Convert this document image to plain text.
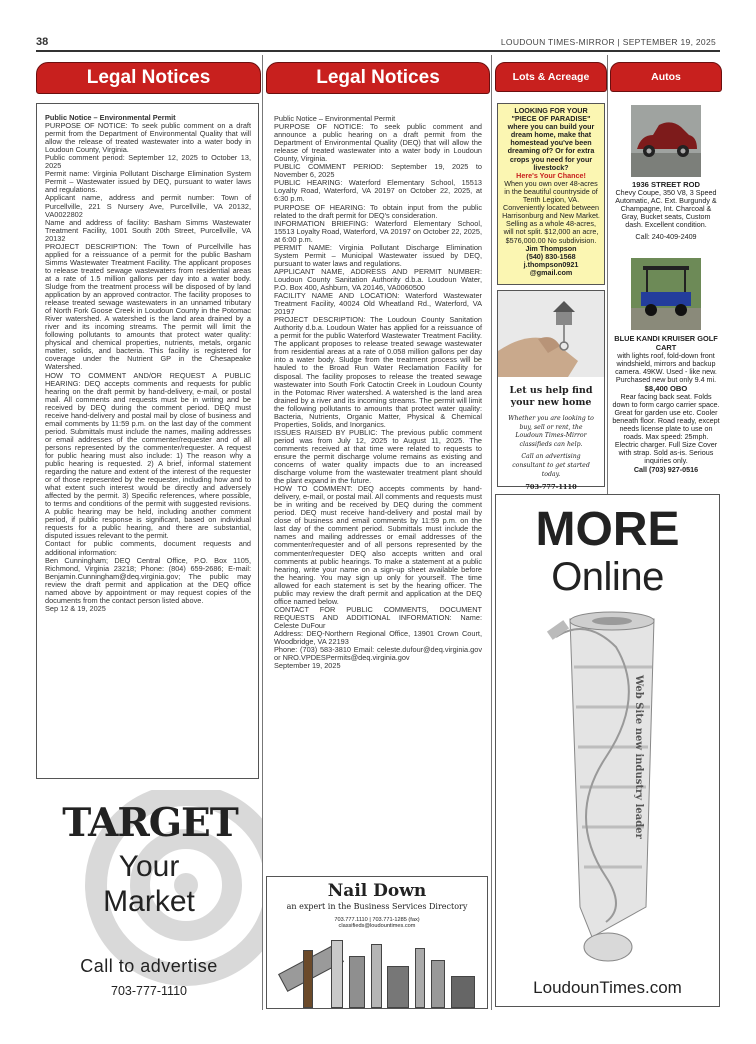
38	LOUDOUN TIMES-MIRROR | SEPTEMBER 19, 2025
Legal Notices	Legal Notices	Lots & Acreage	Autos

Public Notice – Environmental Permit

PURPOSE OF NOTICE: To seek public comment on a draft permit from the Department of Environmental Quality that will allow the release of treated wastewater into a water body in Loudoun County, Virginia.

Public comment period: September 12, 2025 to October 13, 2025

Permit name: Virginia Pollutant Discharge Elimination System Permit – Wastewater issued by DEQ, pursuant to water laws and regulations.

Applicant name, address and permit number: Town of Purcellville, 221 S Nursery Ave, Purcellville, VA 20132, VA0022802

Name and address of facility: Basham Simms Wastewater Treatment Facility, 1001 South 20th Street, Purcellville, VA 20132

PROJECT DESCRIPTION: The Town of Purcellville has applied for a reissuance of a permit for the public Basham Simms Wastewater Treatment Facility. The applicant proposes to release treated sewage wastewaters from residential areas at a rate of 1.5 million gallons per day into a water body. Sludge from the treatment process will be disposed of by land application by an approved contractor. The facility proposes to release treated sewage wastewaters in an unnamed tributary of North Fork Goose Creek in Loudoun County in the Potomac River watershed. A watershed is the land area drained by a river and its incoming streams. The permit will limit the following pollutants to amounts that protect water quality: physical and chemical properties, nutrients, metals, organic matter, solids, and bacteria. This facility is registered for coverage under the Nutrient GP in the Chesapeake Watershed.

HOW TO COMMENT AND/OR REQUEST A PUBLIC HEARING: DEQ accepts comments and requests for public hearing on the draft permit by hand-delivery, e-mail, or postal mail. All comments and requests must be in writing and be received by DEQ during the comment period. DEQ must receive hand-delivery and postal mail by close of business and email comments by 11:59 p.m. on the last day of the comment period. Submittals must include the names, mailing addresses or email addresses of the commenter/requester and of all persons represented by the commenter/requester. A request for public hearing must also include: 1) The reason why a public hearing is requested. 2) A brief, informal statement regarding the nature and extent of the interest of the requester or of those represented by the requester, including how and to what extent such interest would be directly and adversely affected by the permit. 3) Specific references, where possible, to terms and conditions of the permit with suggested revisions. A public hearing may be held, including another comment period, if public response is significant, based on individual requests for a public hearing, and there are substantial, disputed issues relevant to the permit.

Contact for public comments, document requests and additional information:

Ben Cunningham; DEQ Central Office, P.O. Box 1105, Richmond, Virginia 23218; Phone: (804) 659-2686; E-mail: Benjamin.Cunningham@deq.virginia.gov; The public may review the draft permit and application at the DEQ office named above by appointment or may request copies of the documents from the contact person listed above.

Sep 12 & 19, 2025

Public Notice – Environmental Permit

PURPOSE OF NOTICE: To seek public comment and announce a public hearing on a draft permit from the Department of Environmental Quality (DEQ) that will allow the release of treated wastewater into a water body in Loudoun County, Virginia.

PUBLIC COMMENT PERIOD: September 19, 2025 to November 6, 2025

PUBLIC HEARING: Waterford Elementary School, 15513 Loyalty Road, Waterford, VA 20197 on October 22, 2025, at 6:30 p.m.

PURPOSE OF HEARING: To obtain input from the public related to the draft permit for DEQ's consideration.

INFORMATION BRIEFING: Waterford Elementary School, 15513 Loyalty Road, Waterford, VA 20197 on October 22, 2025, at 6:00 p.m.

PERMIT NAME: Virginia Pollutant Discharge Elimination System Permit – Municipal Wastewater issued by DEQ, pursuant to water laws and regulations.

APPLICANT NAME, ADDRESS AND PERMIT NUMBER: Loudoun County Sanitation Authority d.b.a. Loudoun Water, P.O. Box 400, Ashburn, VA 20146, VA0060500

FACILITY NAME AND LOCATION: Waterford Wastewater Treatment Facility, 40024 Old Wheatland Rd., Waterford, VA 20197

PROJECT DESCRIPTION: The Loudoun County Sanitation Authority d.b.a. Loudoun Water has applied for a reissuance of a permit for the public Waterford Wastewater Treatment Facility. The applicant proposes to release treated sewage wastewater from residential areas at a rate of 0.058 million gallons per day into a water body. Sludge from the treatment process will be hauled to the Broad Run Water Reclamation Facility for disposal. The facility proposes to release the treated sewage wastewater into South Fork Catoctin Creek in Loudoun County in the Potomac River watershed. A watershed is the land area drained by a river and its incoming streams. The permit will limit the following pollutants to amounts that protect water quality: Bacteria, Nutrients, Organic Matter, Physical & Chemical Properties, Solids, and Inorganics.

ISSUES RAISED BY PUBLIC: The previous public comment period was from July 12, 2025 to August 11, 2025. The comments received at that time were related to requests to ensure the permit discharge volume remains as existing and concerns of water quality impacts due to an increased discharge volume from the wastewater treatment plant should the plant expand in the future.

HOW TO COMMENT: DEQ accepts comments by hand-delivery, e-mail, or postal mail. All comments and requests must be in writing and be received by DEQ during the comment period. DEQ must receive hand-delivery and postal mail by close of business and email comments by 11:59 p.m. on the last day of the comment period. Submittals must include the names and mailing addresses or email addresses of the commenter/requester and of all persons represented by the commenter/requester DEQ also accepts written and oral comments at public hearings. To make a statement at a public hearing, write your name on a sign-up sheet available before the hearing. You may sign up only for yourself. The time allowed for each statement is set by the hearing officer. The public may review the draft permit and application at the DEQ office named below.

CONTACT FOR PUBLIC COMMENTS, DOCUMENT REQUESTS AND ADDITIONAL INFORMATION: Name: Celeste DuFour

Address: DEQ-Northern Regional Office, 13901 Crown Court, Woodbridge, VA 22193

Phone: (703) 583-3810 Email: celeste.dufour@deq.virginia.gov or NRO.VPDESPermits@deq.virginia.gov

September 19, 2025

LOOKING FOR YOUR "PIECE OF PARADISE"
where you can build your dream home, make that homestead you've been dreaming of? Or for extra crops you need for your livestock?
Here's Your Chance!
When you own over 48-acres in the beautiful countryside of Tenth Legion, VA. Conveniently located between Harrisonburg and New Market. Selling as a whole 48-acres, will not split. $12,000 an acre, $576,000.00 No subdivision.
Jim Thompson
(540) 830-1568
j.thompson0921 @gmail.com
Let us help find your new home
Whether you are looking to buy, sell or rent, the Loudoun Times-Mirror classifieds can help.
Call an advertising consultant to get started today.
703-777-1110
1936 STREET ROD
Chevy Coupe, 350 V8, 3 Speed Automatic, AC. Ext. Burgundy & Champagne, Int. Charcoal & Gray, Bucket seats, Custom dash. Excellent condition.
Call: 240-409-2409
BLUE KANDI KRUISER GOLF CART
with lights roof, fold-down front windshield, mirrors and backup camera. 49KW. Used - like new. Purchased new but only 9.4 mi.
$8,400 OBO
Rear facing back seat. Folds down to form cargo carrier space. Great for garden use etc. Cooler beneath floor. Road ready, except needs license plate to use on roads. Max speed: 25mph. Electric charger. Full Size Cover with strap. Sold as-is. Serious inquiries only.
Call (703) 927-0516
TARGET
Your
Market
Call to advertise
703-777-1110
Nail Down
an expert in the Business Services Directory
703.777.1110 | 703.771-1285 (fax)
classifieds@loudountimes.com
MORE
Online
Web Site new industry leader
LoudounTimes.com
